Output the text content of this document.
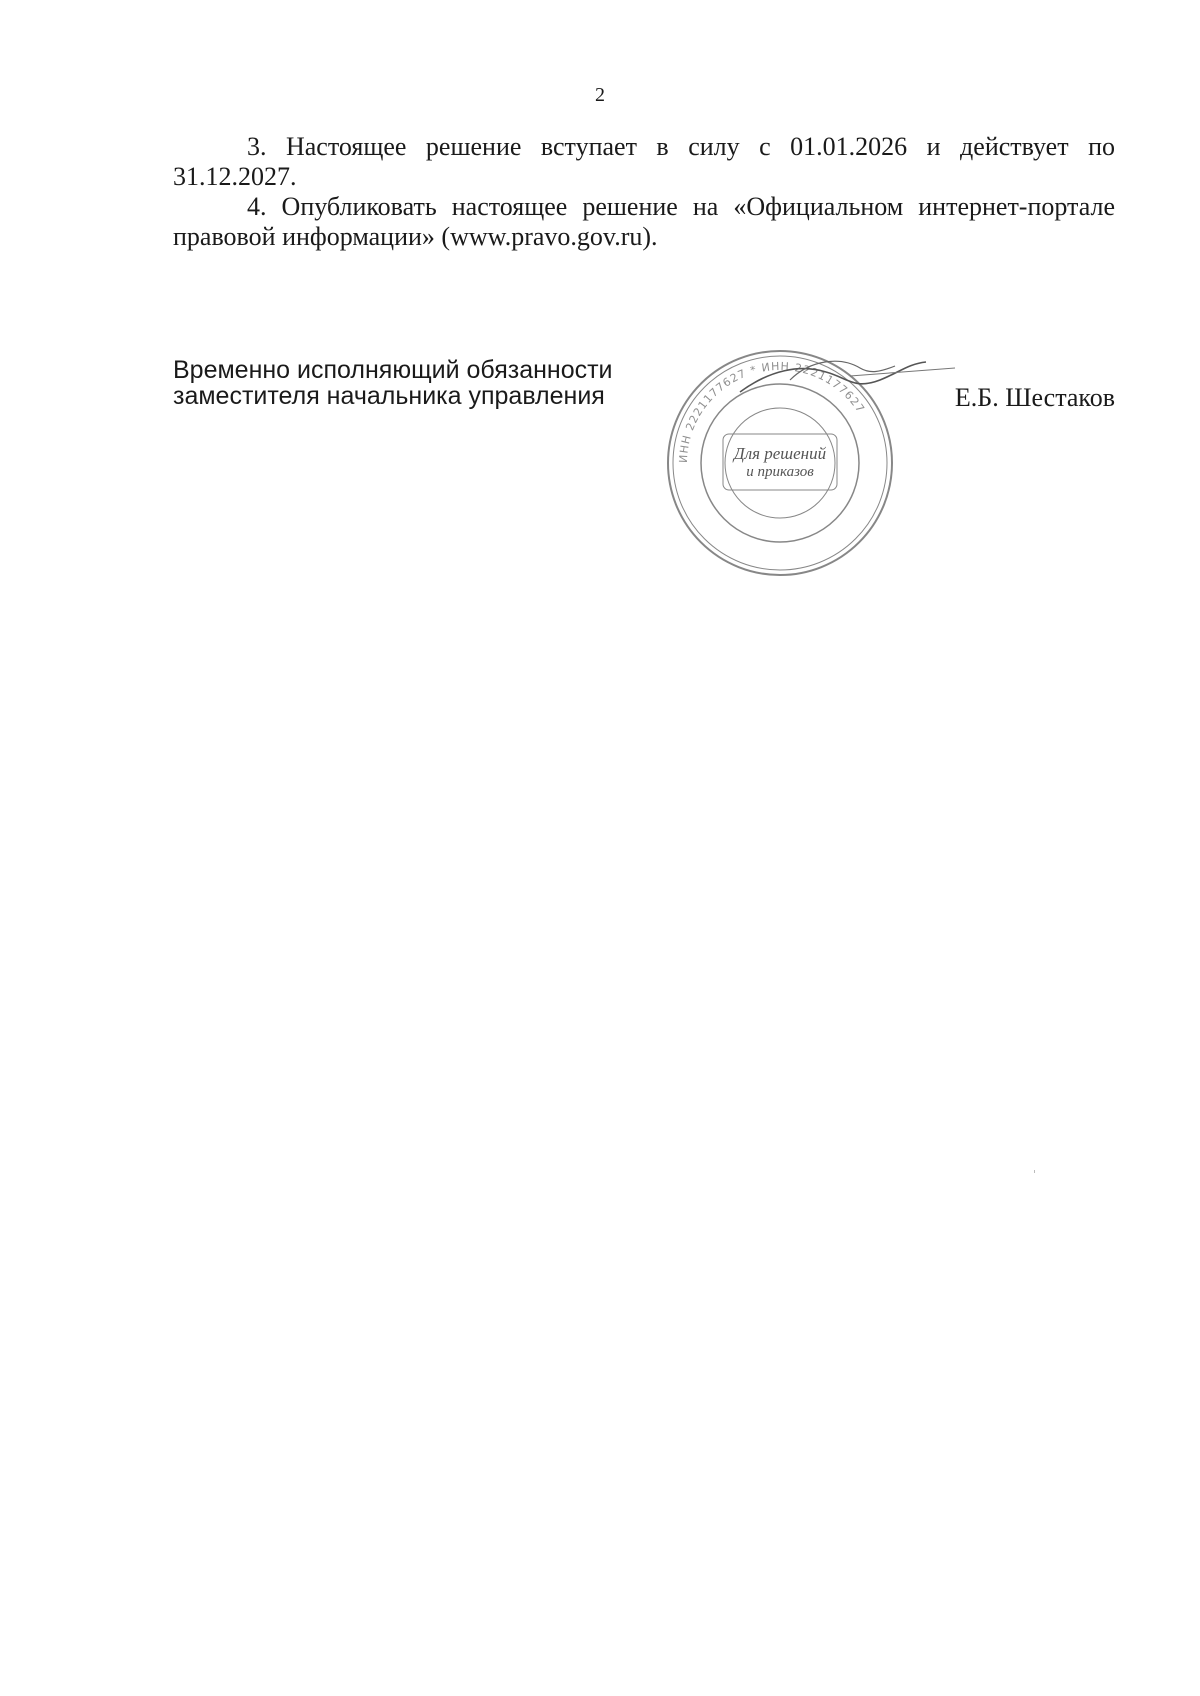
2

3. Настоящее решение вступает в силу с 01.01.2026 и действует по 31.12.2027.

4. Опубликовать настоящее решение на «Официальном интернет-портале правовой информации» (www.pravo.gov.ru).

Временно исполняющий обязанности
заместителя начальника управления	Е.Б. Шестаков
ИНН 2221177627 * ИНН 2221177627
Для решений
и приказов
